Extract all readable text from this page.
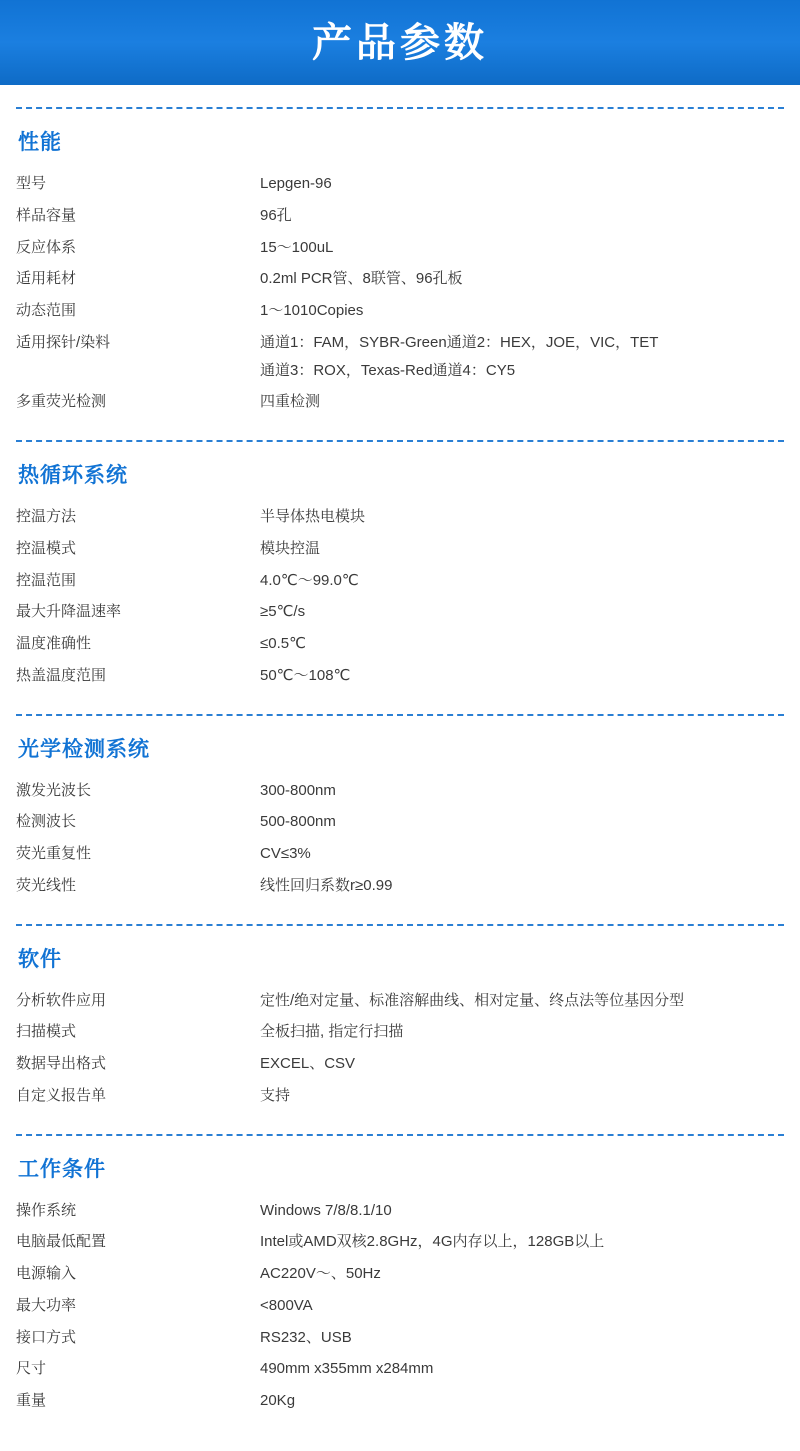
产品参数
性能
型号	Lepgen-96

样品容量	96孔

反应体系	15～100uL

适用耗材	0.2ml PCR管、8联管、96孔板

动态范围	1～1010Copies

适用探针/染料	通道1：FAM，SYBR-Green通道2：HEX，JOE，VIC，TET
通道3：ROX，Texas-Red通道4：CY5

多重荧光检测	四重检测
热循环系统
控温方法	半导体热电模块

控温模式	模块控温

控温范围	4.0℃～99.0℃

最大升降温速率	≥5℃/s

温度准确性	≤0.5℃

热盖温度范围	50℃～108℃
光学检测系统
激发光波长	300-800nm

检测波长	500-800nm

荧光重复性	CV≤3%

荧光线性	线性回归系数r≥0.99
软件
分析软件应用	定性/绝对定量、标准溶解曲线、相对定量、终点法等位基因分型

扫描模式	全板扫描, 指定行扫描

数据导出格式	EXCEL、CSV

自定义报告单	支持
工作条件
操作系统	Windows 7/8/8.1/10

电脑最低配置	Intel或AMD双核2.8GHz，4G内存以上，128GB以上

电源输入	AC220V～、50Hz

最大功率	<800VA

接口方式	RS232、USB

尺寸	490mm x355mm x284mm

重量	20Kg
